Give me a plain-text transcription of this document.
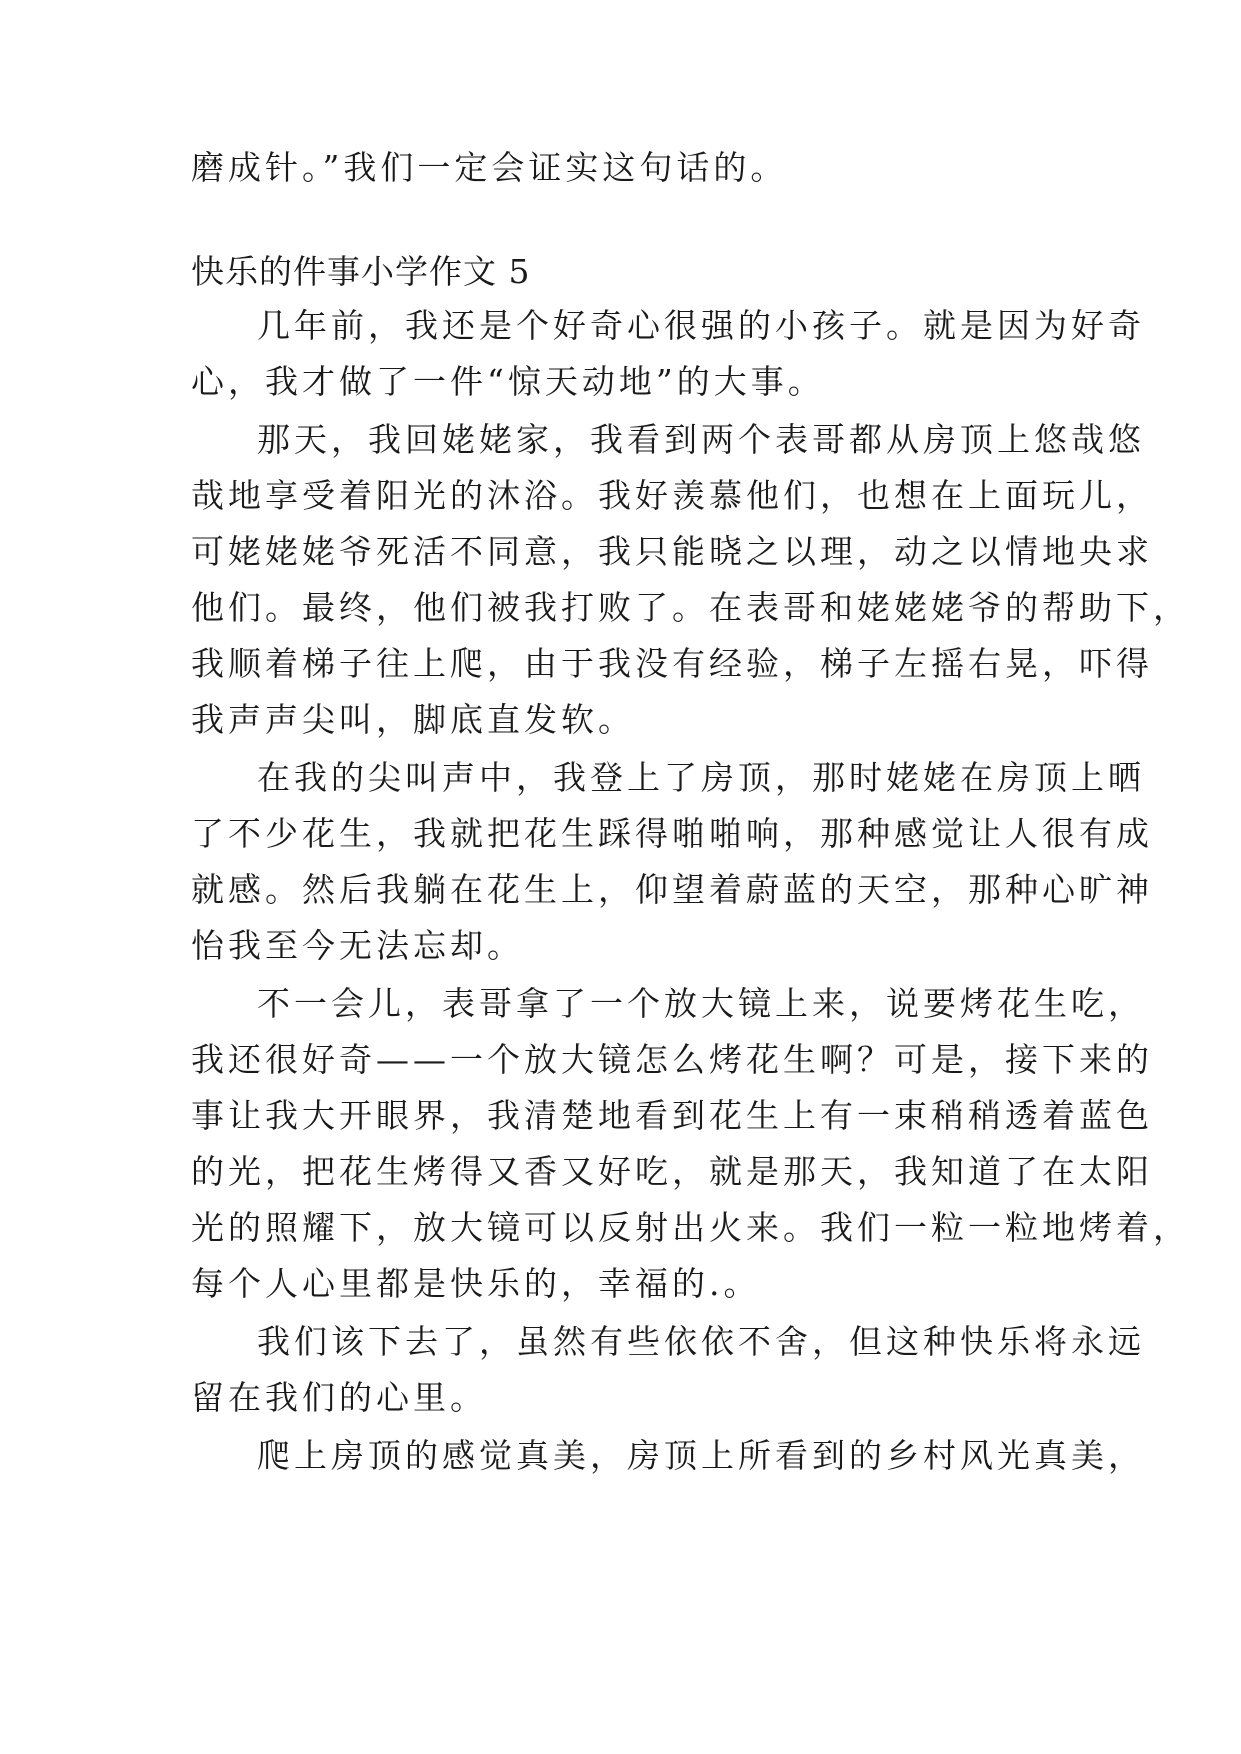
磨成针。”我们一定会证实这句话的。

快乐的件事小学作文 5

几年前，我还是个好奇心很强的小孩子。就是因为好奇

心，我才做了一件“惊天动地”的大事。

那天，我回姥姥家，我看到两个表哥都从房顶上悠哉悠

哉地享受着阳光的沐浴。我好羡慕他们，也想在上面玩儿，

可姥姥姥爷死活不同意，我只能晓之以理，动之以情地央求

他们。最终，他们被我打败了。在表哥和姥姥姥爷的帮助下，

我顺着梯子往上爬，由于我没有经验，梯子左摇右晃，吓得

我声声尖叫，脚底直发软。

在我的尖叫声中，我登上了房顶，那时姥姥在房顶上晒

了不少花生，我就把花生踩得啪啪响，那种感觉让人很有成

就感。然后我躺在花生上，仰望着蔚蓝的天空，那种心旷神

怡我至今无法忘却。

不一会儿，表哥拿了一个放大镜上来，说要烤花生吃，

我还很好奇——一个放大镜怎么烤花生啊？可是，接下来的

事让我大开眼界，我清楚地看到花生上有一束稍稍透着蓝色

的光，把花生烤得又香又好吃，就是那天，我知道了在太阳

光的照耀下，放大镜可以反射出火来。我们一粒一粒地烤着，

每个人心里都是快乐的，幸福的.。

我们该下去了，虽然有些依依不舍，但这种快乐将永远

留在我们的心里。

爬上房顶的感觉真美，房顶上所看到的乡村风光真美，
